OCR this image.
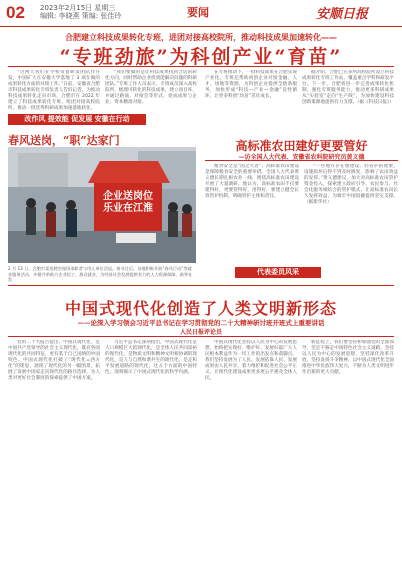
02 2023年2月15日 星期三
编辑: 李晓燕 策编: 张佳玲	要闻	安顺日报
合肥建立科技成果转化专班，进团对接高校院所，推动科技成果加速转化——
“专班劲旅”为科创产业“育苗”

“这两天我们在学校带着研发团队作开发，中国矿大在安徽大学落地了 3 项在做的成果转化方面的对接工作。”日前，安徽省合肥市科技成果转化专班负责人告诉记者，为推动科技成果转化走向市场，合肥市在 2022 年建立了科技成果转化专班，组团对接高校院所，推动一批优秀科研成果加速落地转化。

“我们要做的是让科技成果找到合适的转化方向，同时帮助企业找到能解决问题的科研团队。”专班工作人员表示，专班成员深入高校院所，梳理可转化的科技成果，建立项目库，并通过路演、对接会等形式，促成成果与企业、资本精准对接。

在专班推动下，一批科技成果在合肥实现产业化。专班还帮助初创企业对接金融、人才、场地等资源，为科创企业提供全链条服务，加快形成“科技—产业—金融”良性循环，让更多科创“幼苗”茁壮成长。

据介绍，合肥已在多所高校院所设立科技成果转化专班工作站，覆盖重点学科和研发平台。下一步，合肥将进一步完善成果转化机制，强化专班服务能力，推动更多科研成果从“实验室”走向“生产线”，为加快建设科技创新策源地提供有力支撑。（据《科技日报》）

改作风 提效能 促发展 安徽在行动
春风送岗，“职”达家门
企业送岗位 乐业在江淮
2 月 13 日，合肥市某招聘会现场求职者与用人单位洽谈。春节过后，各地积极开展“春风行动”等就业服务活动，多措并举助力企业招工、群众就业，为经济社会发展提供有力的人力资源保障。新华社发
高标准农田建好更要管好
—访全国人大代表、安徽省农科院研究员黄义德

粮食安全是“国之大者”，高标准农田建设是保障粮食安全的重要举措。全国人大代表黄义德长期扎根农业一线，围绕高标准农田建设开展了大量调研。他认为，高标准农田不仅要建得好，更要管得好、用得好，要建立健全长效管护机制，明确管护主体和责任。

“一些地方存在重建设、轻管护的现象，设施损坏后得不到及时修复，影响了农田效益的发挥。”黄义德建议，加大对高标准农田管护资金投入，探索建立政府引导、农民参与、社会化服务相结合的管护模式，让高标准农田长久发挥效益，为端牢中国饭碗提供坚实支撑。（据新华社）

代表委员风采
中国式现代化创造了人类文明新形态
——论深入学习领会习近平总书记在学习贯彻党的二十大精神研讨班开班式上重要讲话
人民日报评论员

党的二十大报告提出，中国式现代化，是中国共产党领导的社会主义现代化，既有各国现代化的共同特征，更有基于自己国情的中国特色。中国式现代化打破了“现代化=西方化”的迷思，展现了现代化的另一幅图景，拓展了发展中国家走向现代化的路径选择，为人类对更好社会制度的探索提供了中国方案。

习近平总书记深刻指出，中国式现代化是人口规模巨大的现代化，是全体人民共同富裕的现代化，是物质文明和精神文明相协调的现代化，是人与自然和谐共生的现代化，是走和平发展道路的现代化。这五个方面的中国特色，深刻揭示了中国式现代化的科学内涵。

中国式现代化坚持以人民为中心的发展思想，始终把实现好、维护好、发展好最广大人民根本利益作为一切工作的出发点和落脚点。我们坚持发展为了人民、发展依靠人民、发展成果由人民共享，着力维护和促进社会公平正义，让现代化建设成果更多更公平惠及全体人民。

新征程上，我们要坚持和加强党的全面领导，坚定不移走中国特色社会主义道路，坚持以人民为中心的发展思想，坚持深化改革开放，坚持发扬斗争精神，以中国式现代化全面推进中华民族伟大复兴，不断为人类文明进步作出新的更大贡献。
